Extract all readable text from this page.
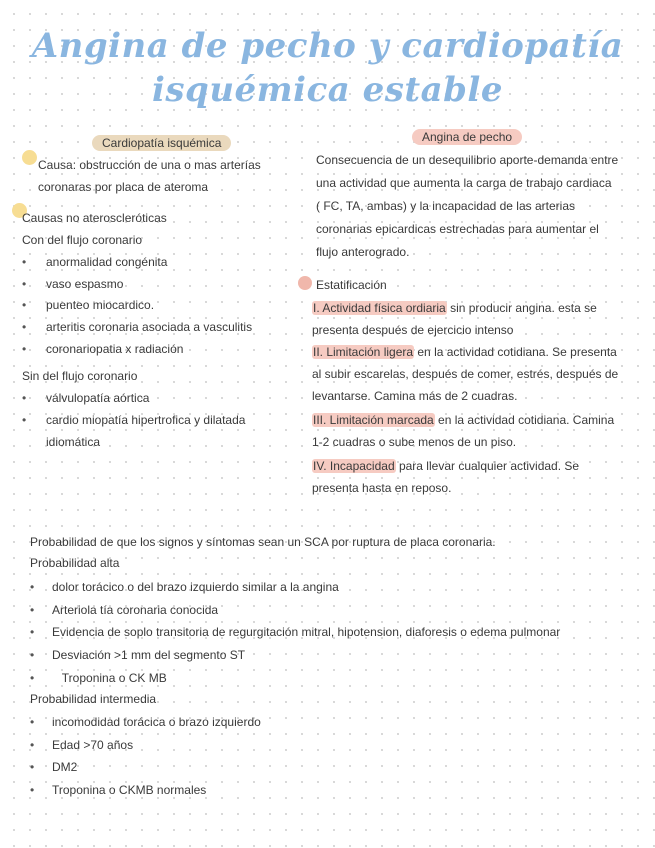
Angina de pecho y cardiopatía
isquémica estable
Cardiopatía isquémica
Causa: obstrucción de una o mas arterías
coronaras por placa de ateroma
Causas no ateroscleróticas
Con del flujo coronario
• anormalidad congénita
• vaso espasmo
• puenteo miocardico.
• arteritis coronaria asociada a vasculitis
• coronariopatia x radiación
Sin del flujo coronario
• válvulopatía aórtica
• cardio miopatía hipertrofica y dilatada
idiomática
Angina de pecho
Consecuencia de un desequilibrio aporte-demanda entre
una actividad que aumenta la carga de trabajo cardiaca
( FC, TA, ambas) y la incapacidad de las arterias
coronarias epicardicas estrechadas para aumentar el
flujo anterogrado.
Estatificación
I. Actividad física ordiaria sin producir angina. esta se
presenta después de ejercicio intenso
II. Limitación ligera en la actividad cotidiana. Se presenta
al subir escarelas, después de comer, estrés, después de
levantarse. Camina más de 2 cuadras.
III. Limitación marcada en la actividad cotidiana. Camina
1-2 cuadras o sube menos de un piso.
IV. Incapacidad para llevar cualquier actividad. Se
presenta hasta en reposo.
Probabilidad de que los signos y síntomas sean un SCA por ruptura de placa coronaria.
Probabilidad alta
• dolor torácico o del brazo izquierdo similar a la angina
• Arteriola tía coronaria conocida
• Evidencia de soplo transitoria de regurgitación mitral, hipotension, diaforesis o edema pulmonar
• Desviación >1 mm del segmento ST
•    Troponina o CK MB
Probabilidad intermedia
• incomodidad torácica o brazo izquierdo
• Edad >70 años
• DM2
• Troponina o CKMB normales
